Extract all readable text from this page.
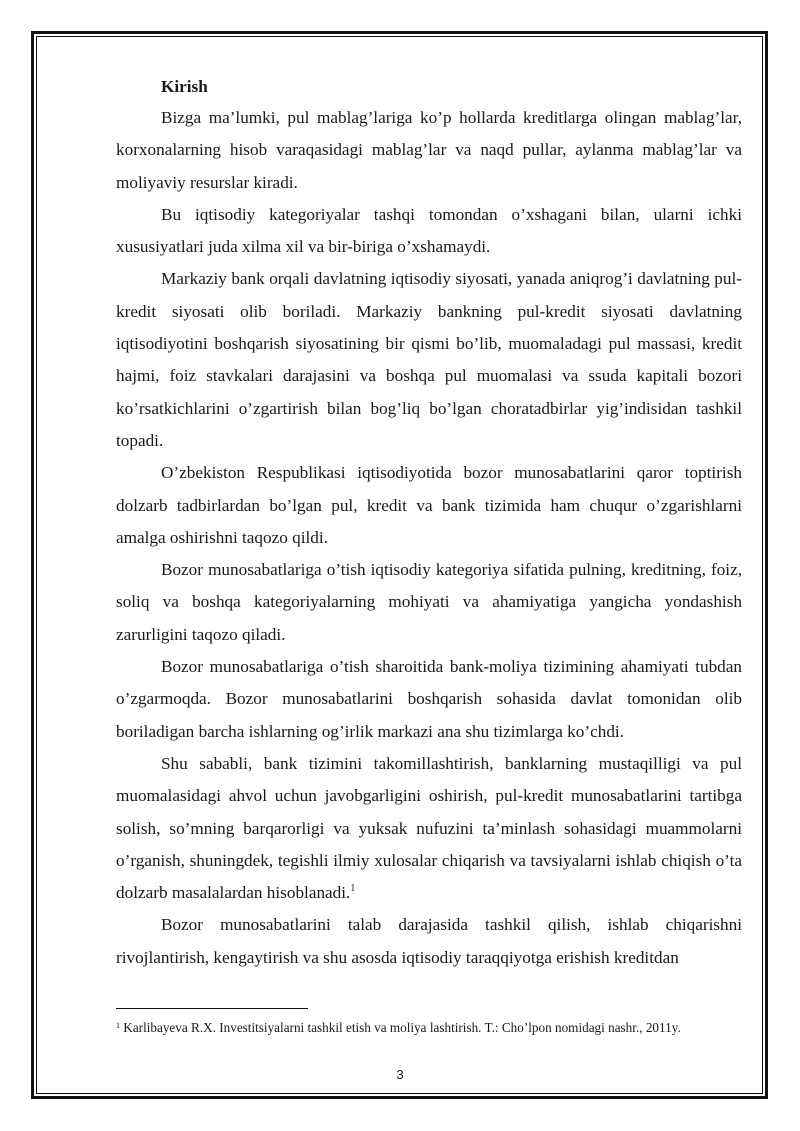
Kirish

Bizga ma’lumki, pul mablag’lariga ko’p hollarda kreditlarga olingan mablag’lar, korxonalarning hisob varaqasidagi mablag’lar va naqd pullar, aylanma mablag’lar va moliyaviy resurslar kiradi.

Bu iqtisodiy kategoriyalar tashqi tomondan o’xshagani bilan, ularni ichki xususiyatlari juda xilma xil va bir-biriga o’xshamaydi.

Markaziy bank orqali davlatning iqtisodiy siyosati, yanada aniqrog’i davlatning pul-kredit siyosati olib boriladi. Markaziy bankning pul-kredit siyosati davlatning iqtisodiyotini boshqarish siyosatining bir qismi bo’lib, muomaladagi pul massasi, kredit hajmi, foiz stavkalari darajasini va boshqa pul muomalasi va ssuda kapitali bozori ko’rsatkichlarini o’zgartirish bilan bog’liq bo’lgan choratadbirlar yig’indisidan tashkil topadi.

O’zbekiston Respublikasi iqtisodiyotida bozor munosabatlarini qaror toptirish dolzarb tadbirlardan bo’lgan pul, kredit va bank tizimida ham chuqur o’zgarishlarni amalga oshirishni taqozo qildi.

Bozor munosabatlariga o’tish iqtisodiy kategoriya sifatida pulning, kreditning, foiz, soliq va boshqa kategoriyalarning mohiyati va ahamiyatiga yangicha yondashish zarurligini taqozo qiladi.

Bozor munosabatlariga o’tish sharoitida bank-moliya tizimining ahamiyati tubdan o’zgarmoqda. Bozor munosabatlarini boshqarish sohasida davlat tomonidan olib boriladigan barcha ishlarning og’irlik markazi ana shu tizimlarga ko’chdi.

Shu sababli, bank tizimini takomillashtirish, banklarning mustaqilligi va pul muomalasidagi ahvol uchun javobgarligini oshirish, pul-kredit munosabatlarini tartibga solish, so’mning barqarorligi va yuksak nufuzini ta’minlash sohasidagi muammolarni o’rganish, shuningdek, tegishli ilmiy xulosalar chiqarish va tavsiyalarni ishlab chiqish o’ta dolzarb masalalardan hisoblanadi.$^1$

Bozor munosabatlarini talab darajasida tashkil qilish, ishlab chiqarishni rivojlantirish, kengaytirish va shu asosda iqtisodiy taraqqiyotga erishish kreditdan

$^1$ Karlibayeva R.X. Investitsiyalarni tashkil etish va moliya lashtirish. T.: Cho’lpon nomidagi nashr., 2011y.
3
